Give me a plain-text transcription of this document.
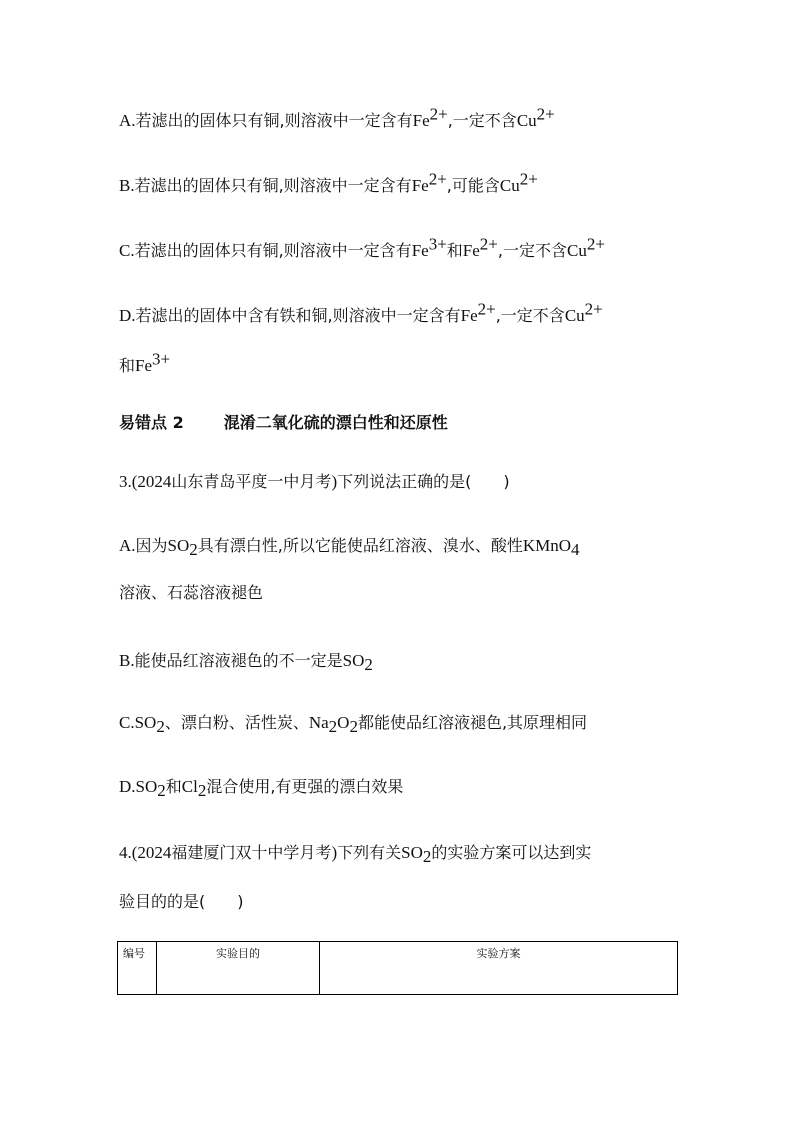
A.若滤出的固体只有铜,则溶液中一定含有$Fe^{2+}$,一定不含$Cu^{2+}$
B.若滤出的固体只有铜,则溶液中一定含有$Fe^{2+}$,可能含$Cu^{2+}$
C.若滤出的固体只有铜,则溶液中一定含有$Fe^{3+}$和$Fe^{2+}$,一定不含$Cu^{2+}$
D.若滤出的固体中含有铁和铜,则溶液中一定含有$Fe^{2+}$,一定不含$Cu^{2+}$
和$Fe^{3+}$
易错点 2	混淆二氧化硫的漂白性和还原性
3.(2024山东青岛平度一中月考)下列说法正确的是(　　)
A.因为$SO_2$具有漂白性,所以它能使品红溶液、溴水、酸性KMnO$_4$
溶液、石蕊溶液褪色
B.能使品红溶液褪色的不一定是$SO_2$
$C.SO_2$、漂白粉、活性炭、$Na_2O_2$都能使品红溶液褪色,其原理相同
$D.SO_2$和$Cl_2$混合使用,有更强的漂白效果
4.(2024福建厦门双十中学月考)下列有关$SO_2$的实验方案可以达到实
验目的的是(　　)
编号	实验目的	实验方案
